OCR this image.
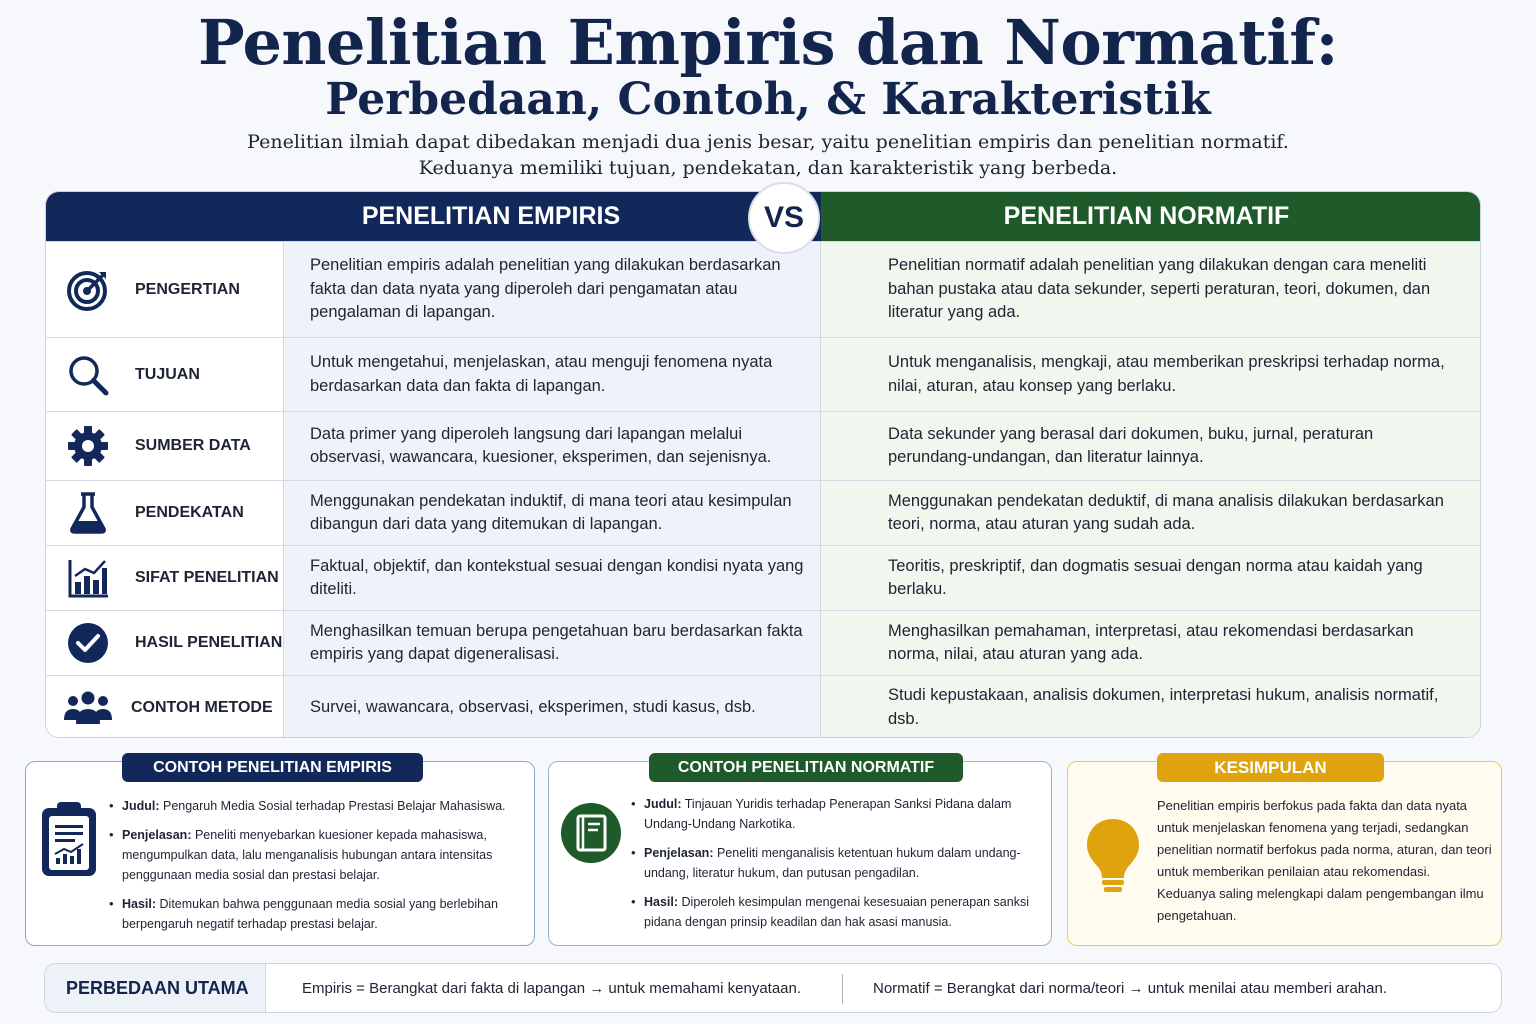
Penelitian Empiris dan Normatif:
Perbedaan, Contoh, & Karakteristik
Penelitian ilmiah dapat dibedakan menjadi dua jenis besar, yaitu penelitian empiris dan penelitian normatif.
Keduanya memiliki tujuan, pendekatan, dan karakteristik yang berbeda.
PENELITIAN EMPIRIS	PENELITIAN NORMATIF
PENGERTIAN
Penelitian empiris adalah penelitian yang dilakukan berdasarkan fakta dan data nyata yang diperoleh dari pengamatan atau pengalaman di lapangan.
Penelitian normatif adalah penelitian yang dilakukan dengan cara meneliti bahan pustaka atau data sekunder, seperti peraturan, teori, dokumen, dan literatur yang ada.
TUJUAN
Untuk mengetahui, menjelaskan, atau menguji fenomena nyata berdasarkan data dan fakta di lapangan.
Untuk menganalisis, mengkaji, atau memberikan preskripsi terhadap norma, nilai, aturan, atau konsep yang berlaku.
SUMBER DATA
Data primer yang diperoleh langsung dari lapangan melalui observasi, wawancara, kuesioner, eksperimen, dan sejenisnya.
Data sekunder yang berasal dari dokumen, buku, jurnal, peraturan perundang-undangan, dan literatur lainnya.
PENDEKATAN
Menggunakan pendekatan induktif, di mana teori atau kesimpulan dibangun dari data yang ditemukan di lapangan.
Menggunakan pendekatan deduktif, di mana analisis dilakukan berdasarkan teori, norma, atau aturan yang sudah ada.
SIFAT PENELITIAN
Faktual, objektif, dan kontekstual sesuai dengan kondisi nyata yang diteliti.
Teoritis, preskriptif, dan dogmatis sesuai dengan norma atau kaidah yang berlaku.
HASIL PENELITIAN
Menghasilkan temuan berupa pengetahuan baru berdasarkan fakta empiris yang dapat digeneralisasi.
Menghasilkan pemahaman, interpretasi, atau rekomendasi berdasarkan norma, nilai, atau aturan yang ada.
CONTOH METODE	Survei, wawancara, observasi, eksperimen, studi kasus, dsb.
Studi kepustakaan, analisis dokumen, interpretasi hukum, analisis normatif, dsb.
VS
CONTOH PENELITIAN EMPIRIS
• Judul: Pengaruh Media Sosial terhadap Prestasi Belajar Mahasiswa.
• Penjelasan: Peneliti menyebarkan kuesioner kepada mahasiswa, mengumpulkan data, lalu menganalisis hubungan antara intensitas penggunaan media sosial dan prestasi belajar.
• Hasil: Ditemukan bahwa penggunaan media sosial yang berlebihan berpengaruh negatif terhadap prestasi belajar.
CONTOH PENELITIAN NORMATIF
• Judul: Tinjauan Yuridis terhadap Penerapan Sanksi Pidana dalam Undang-Undang Narkotika.
• Penjelasan: Peneliti menganalisis ketentuan hukum dalam undang-undang, literatur hukum, dan putusan pengadilan.
• Hasil: Diperoleh kesimpulan mengenai kesesuaian penerapan sanksi pidana dengan prinsip keadilan dan hak asasi manusia.
KESIMPULAN
Penelitian empiris berfokus pada fakta dan data nyata untuk menjelaskan fenomena yang terjadi, sedangkan penelitian normatif berfokus pada norma, aturan, dan teori untuk memberikan penilaian atau rekomendasi. Keduanya saling melengkapi dalam pengembangan ilmu pengetahuan.
PERBEDAAN UTAMA	Empiris = Berangkat dari fakta di lapangan → untuk memahami kenyataan.	Normatif = Berangkat dari norma/teori → untuk menilai atau memberi arahan.
